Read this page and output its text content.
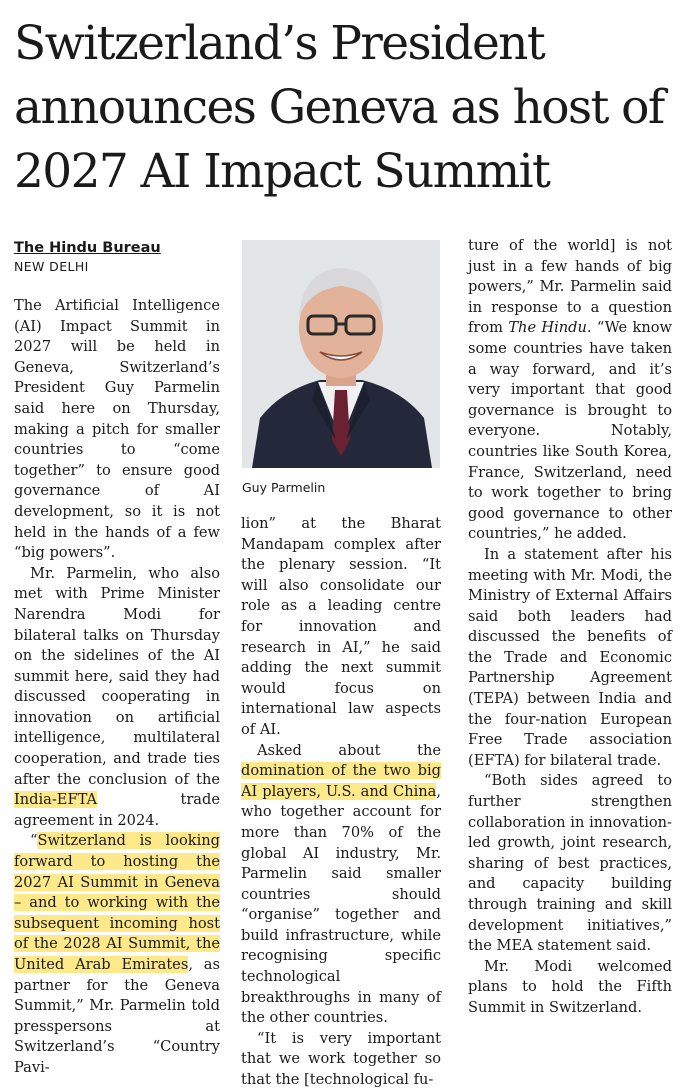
Switzerland’s President announces Geneva as host of 2027 AI Impact Summit
The Hindu Bureau
NEW DELHI
Guy Parmelin

The Artificial Intelligence (AI) Impact Summit in 2027 will be held in Geneva, Switzerland’s President Guy Parmelin said here on Thursday, making a pitch for smaller countries to “come together” to ensure good governance of AI development, so it is not held in the hands of a few “big powers”.

Mr. Parmelin, who also met with Prime Minister Narendra Modi for bilateral talks on Thursday on the sidelines of the AI summit here, said they had discussed cooperating in innovation on artificial intelligence, multilateral cooperation, and trade ties after the conclusion of the India-EFTA trade agreement in 2024.

“Switzerland is looking forward to hosting the 2027 AI Summit in Geneva – and to working with the subsequent incoming host of the 2028 AI Summit, the United Arab Emirates, as partner for the Geneva Summit,” Mr. Parmelin told presspersons at Switzerland’s “Country Pavi-

lion” at the Bharat Mandapam complex after the plenary session. “It will also consolidate our role as a leading centre for innovation and research in AI,” he said adding the next summit would focus on international law aspects of AI.

Asked about the domination of the two big AI players, U.S. and China, who together account for more than 70% of the global AI industry, Mr. Parmelin said smaller countries should “organise” together and build infrastructure, while recognising specific technological breakthroughs in many of the other countries.

“It is very important that we work together so that the [technological fu-

ture of the world] is not just in a few hands of big powers,” Mr. Parmelin said in response to a question from The Hindu. “We know some countries have taken a way forward, and it’s very important that good governance is brought to everyone. Notably, countries like South Korea, France, Switzerland, need to work together to bring good governance to other countries,” he added.

In a statement after his meeting with Mr. Modi, the Ministry of External Affairs said both leaders had discussed the benefits of the Trade and Economic Partnership Agreement (TEPA) between India and the four-nation European Free Trade association (EFTA) for bilateral trade.

“Both sides agreed to further strengthen collaboration in innovation-led growth, joint research, sharing of best practices, and capacity building through training and skill development initiatives,” the MEA statement said.

Mr. Modi welcomed plans to hold the Fifth Summit in Switzerland.
